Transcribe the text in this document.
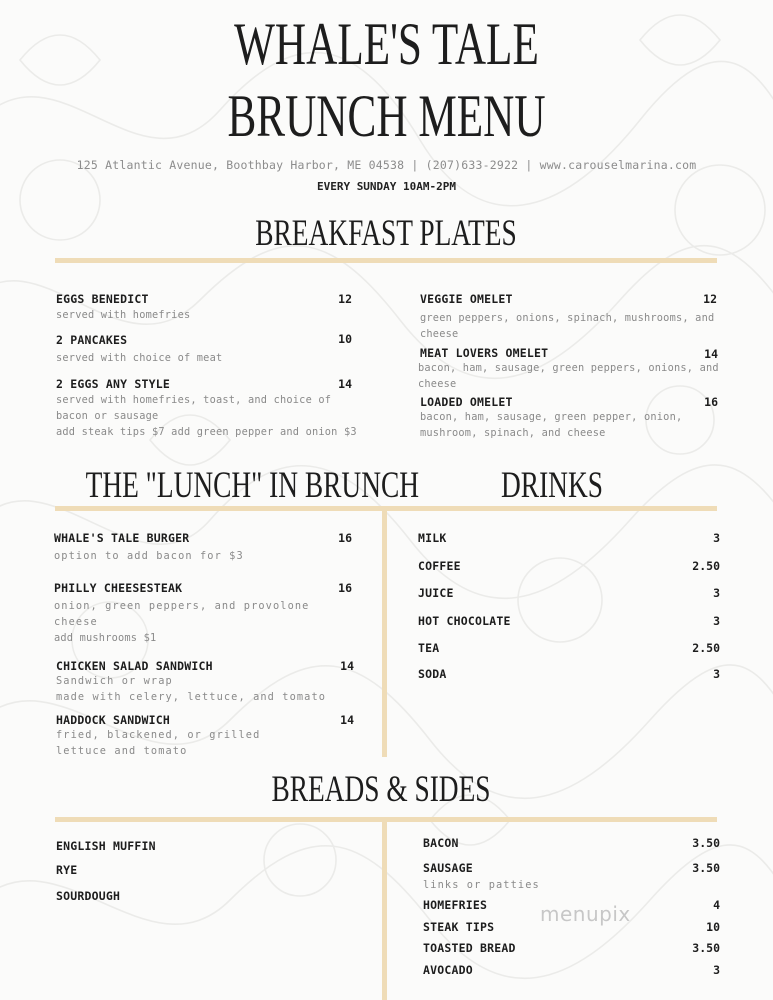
WHALE'S TALE
BRUNCH MENU
125 Atlantic Avenue, Boothbay Harbor, ME 04538 | (207)633-2922 | www.carouselmarina.com
EVERY SUNDAY 10AM-2PM
BREAKFAST PLATES
EGGS BENEDICT
served with homefries
12
2 PANCAKES
served with choice of meat
10
2 EGGS ANY STYLE
served with homefries, toast, and choice of
bacon or sausage
add steak tips $7 add green pepper and onion $3
14
VEGGIE OMELET
green peppers, onions, spinach, mushrooms, and
cheese
12
MEAT LOVERS OMELET
bacon, ham, sausage, green peppers, onions, and
cheese
14
LOADED OMELET
bacon, ham, sausage, green pepper, onion,
mushroom, spinach, and cheese
16
THE "LUNCH" IN BRUNCH	DRINKS
WHALE'S TALE BURGER
option to add bacon for $3
16
PHILLY CHEESESTEAK
onion, green peppers, and provolone
cheese
add mushrooms $1
16
CHICKEN SALAD SANDWICH
Sandwich or wrap
made with celery, lettuce, and tomato
14
HADDOCK SANDWICH
fried, blackened, or grilled
lettuce and tomato
14
MILK	3
COFFEE	2.50
JUICE	3
HOT CHOCOLATE	3
TEA	2.50
SODA	3
BREADS & SIDES
ENGLISH MUFFIN
RYE
SOURDOUGH
BACON	3.50
SAUSAGE
links or patties
3.50
HOMEFRIES	4
STEAK TIPS	10
TOASTED BREAD	3.50
AVOCADO	3
menupix
